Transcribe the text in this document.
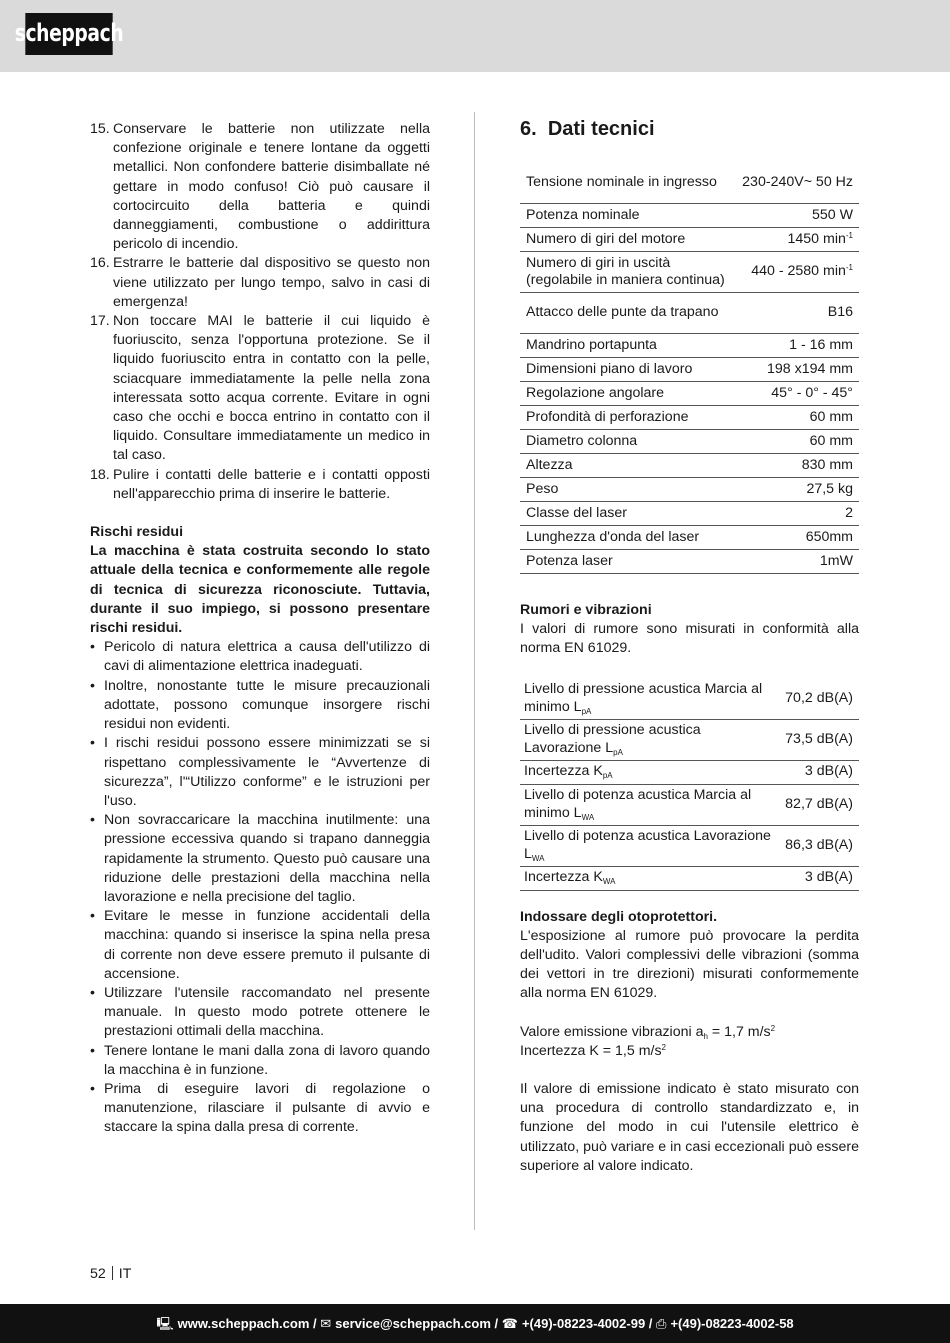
scheppach
15. Conservare le batterie non utilizzate nella confezione originale e tenere lontane da oggetti metallici. Non confondere batterie disimballate né gettare in modo confuso! Ciò può causare il cortocircuito della batteria e quindi danneggiamenti, combustione o addirittura pericolo di incendio.
16. Estrarre le batterie dal dispositivo se questo non viene utilizzato per lungo tempo, salvo in casi di emergenza!
17. Non toccare MAI le batterie il cui liquido è fuoriuscito, senza l'opportuna protezione. Se il liquido fuoriuscito entra in contatto con la pelle, sciacquare immediatamente la pelle nella zona interessata sotto acqua corrente. Evitare in ogni caso che occhi e bocca entrino in contatto con il liquido. Consultare immediatamente un medico in tal caso.
18. Pulire i contatti delle batterie e i contatti opposti nell'apparecchio prima di inserire le batterie.

Rischi residui

La macchina è stata costruita secondo lo stato attuale della tecnica e conformemente alle regole di tecnica di sicurezza riconosciute. Tuttavia, durante il suo impiego, si possono presentare rischi residui.

• Pericolo di natura elettrica a causa dell'utilizzo di cavi di alimentazione elettrica inadeguati.
• Inoltre, nonostante tutte le misure precauzionali adottate, possono comunque insorgere rischi residui non evidenti.
• I rischi residui possono essere minimizzati se si rispettano complessivamente le “Avvertenze di sicurezza”, l'“Utilizzo conforme” e le istruzioni per l'uso.
• Non sovraccaricare la macchina inutilmente: una pressione eccessiva quando si trapano danneggia rapidamente la strumento. Questo può causare una riduzione delle prestazioni della macchina nella lavorazione e nella precisione del taglio.
• Evitare le messe in funzione accidentali della macchina: quando si inserisce la spina nella presa di corrente non deve essere premuto il pulsante di accensione.
• Utilizzare l'utensile raccomandato nel presente manuale. In questo modo potrete ottenere le prestazioni ottimali della macchina.
• Tenere lontane le mani dalla zona di lavoro quando la macchina è in funzione.
• Prima di eseguire lavori di regolazione o manutenzione, rilasciare il pulsante di avvio e staccare la spina dalla presa di corrente.
6. Dati tecnici
Tensione nominale in ingresso	230-240V~ 50 Hz
Potenza nominale	550 W
Numero di giri del motore	1450 $\min^{-1}$
Numero di giri in uscità (regolabile in maniera continua)	440 - 2580 $\min^{-1}$
Attacco delle punte da trapano	B16
Mandrino portapunta	1 - 16 mm
Dimensioni piano di lavoro	198 x194 mm
Regolazione angolare	45° - 0° - 45°
Profondità di perforazione	60 mm
Diametro colonna	60 mm
Altezza	830 mm
Peso	27,5 kg
Classe del laser	2
Lunghezza d'onda del laser	650mm
Potenza laser	1mW

Rumori e vibrazioni

I valori di rumore sono misurati in conformità alla norma EN 61029.

Livello di pressione acustica Marcia al minimo $L_{pA}$	70,2 dB(A)
Livello di pressione acustica Lavorazione $L_{pA}$	73,5 dB(A)
Incertezza $K_{pA}$	3 dB(A)
Livello di potenza acustica Marcia al minimo $L_{WA}$	82,7 dB(A)
Livello di potenza acustica Lavorazione $L_{WA}$	86,3 dB(A)
Incertezza $K_{WA}$	3 dB(A)

Indossare degli otoprotettori.

L'esposizione al rumore può provocare la perdita dell'udito. Valori complessivi delle vibrazioni (somma dei vettori in tre direzioni) misurati conformemente alla norma EN 61029.

Valore emissione vibrazioni $a_h = 1,7$ $m/s^2$

Incertezza K = 1,5 $m/s^2$

Il valore di emissione indicato è stato misurato con una procedura di controllo standardizzato e, in funzione del modo in cui l'utensile elettrico è utilizzato, può variare e in casi eccezionali può essere superiore al valore indicato.

52 IT
🖳 www.scheppach.com / ✉ service@scheppach.com / ☎ +(49)-08223-4002-99 / ⎙ +(49)-08223-4002-58
